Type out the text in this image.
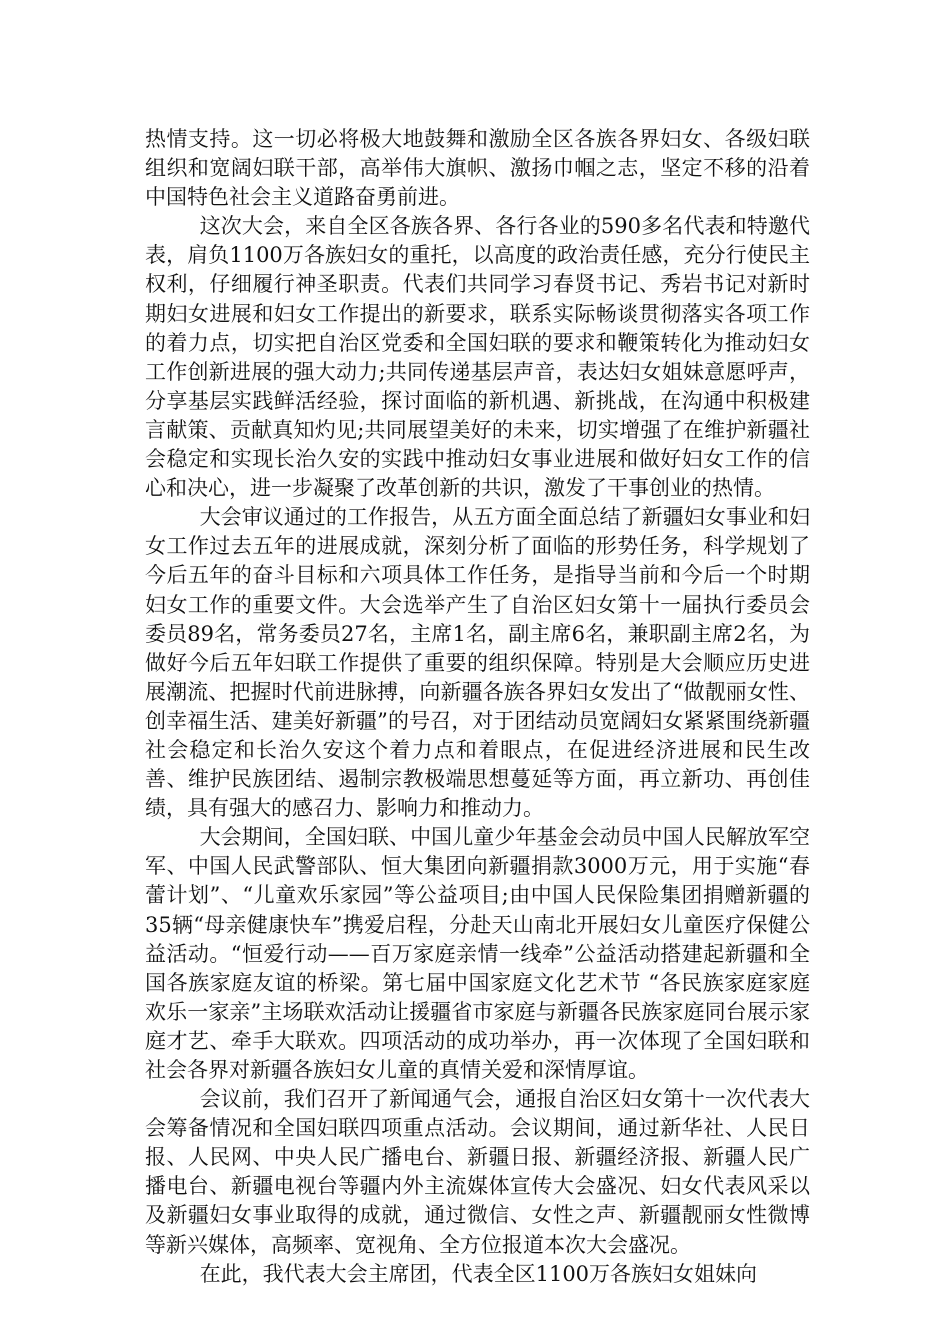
热情支持。这一切必将极大地鼓舞和激励全区各族各界妇女、各级妇联组织和宽阔妇联干部，高举伟大旗帜、激扬巾帼之志，坚定不移的沿着中国特色社会主义道路奋勇前进。

这次大会，来自全区各族各界、各行各业的590多名代表和特邀代表，肩负1100万各族妇女的重托，以高度的政治责任感，充分行使民主权利，仔细履行神圣职责。代表们共同学习春贤书记、秀岩书记对新时期妇女进展和妇女工作提出的新要求，联系实际畅谈贯彻落实各项工作的着力点，切实把自治区党委和全国妇联的要求和鞭策转化为推动妇女工作创新进展的强大动力;共同传递基层声音，表达妇女姐妹意愿呼声，分享基层实践鲜活经验，探讨面临的新机遇、新挑战，在沟通中积极建言献策、贡献真知灼见;共同展望美好的未来，切实增强了在维护新疆社会稳定和实现长治久安的实践中推动妇女事业进展和做好妇女工作的信心和决心，进一步凝聚了改革创新的共识，激发了干事创业的热情。

大会审议通过的工作报告，从五方面全面总结了新疆妇女事业和妇女工作过去五年的进展成就，深刻分析了面临的形势任务，科学规划了今后五年的奋斗目标和六项具体工作任务，是指导当前和今后一个时期妇女工作的重要文件。大会选举产生了自治区妇女第十一届执行委员会委员89名，常务委员27名，主席1名，副主席6名，兼职副主席2名，为做好今后五年妇联工作提供了重要的组织保障。特别是大会顺应历史进展潮流、把握时代前进脉搏，向新疆各族各界妇女发出了“做靓丽女性、创幸福生活、建美好新疆”的号召，对于团结动员宽阔妇女紧紧围绕新疆社会稳定和长治久安这个着力点和着眼点，在促进经济进展和民生改善、维护民族团结、遏制宗教极端思想蔓延等方面，再立新功、再创佳绩，具有强大的感召力、影响力和推动力。

大会期间，全国妇联、中国儿童少年基金会动员中国人民解放军空军、中国人民武警部队、恒大集团向新疆捐款3000万元，用于实施“春蕾计划”、“儿童欢乐家园”等公益项目;由中国人民保险集团捐赠新疆的35辆“母亲健康快车”携爱启程，分赴天山南北开展妇女儿童医疗保健公益活动。“恒爱行动——百万家庭亲情一线牵”公益活动搭建起新疆和全国各族家庭友谊的桥梁。第七届中国家庭文化艺术节 “各民族家庭家庭欢乐一家亲”主场联欢活动让援疆省市家庭与新疆各民族家庭同台展示家庭才艺、牵手大联欢。四项活动的成功举办，再一次体现了全国妇联和社会各界对新疆各族妇女儿童的真情关爱和深情厚谊。

会议前，我们召开了新闻通气会，通报自治区妇女第十一次代表大会筹备情况和全国妇联四项重点活动。会议期间，通过新华社、人民日报、人民网、中央人民广播电台、新疆日报、新疆经济报、新疆人民广播电台、新疆电视台等疆内外主流媒体宣传大会盛况、妇女代表风采以及新疆妇女事业取得的成就，通过微信、女性之声、新疆靓丽女性微博等新兴媒体，高频率、宽视角、全方位报道本次大会盛况。

在此，我代表大会主席团，代表全区1100万各族妇女姐妹向
